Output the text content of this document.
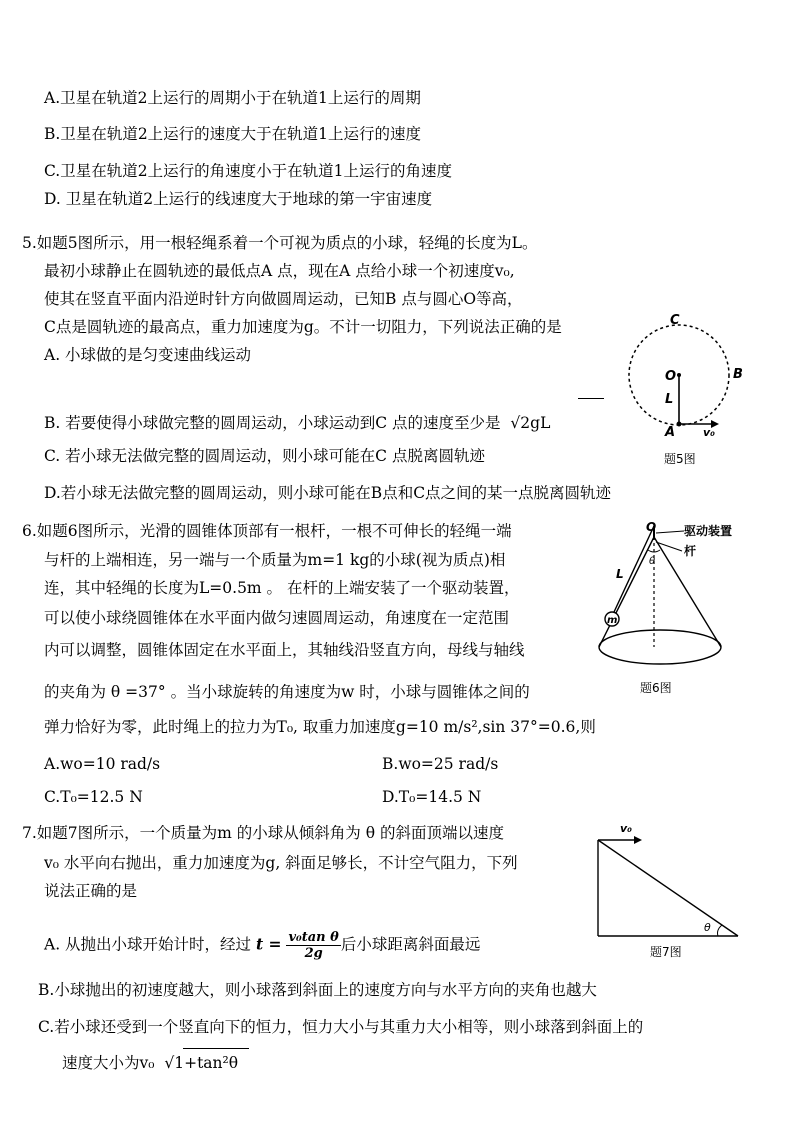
A.卫星在轨道2上运行的周期小于在轨道1上运行的周期
B.卫星在轨道2上运行的速度大于在轨道1上运行的速度
C.卫星在轨道2上运行的角速度小于在轨道1上运行的角速度
D. 卫星在轨道2上运行的线速度大于地球的第一宇宙速度
5.如题5图所示，用一根轻绳系着一个可视为质点的小球，轻绳的长度为L。
最初小球静止在圆轨迹的最低点A 点，现在A 点给小球一个初速度v₀,
使其在竖直平面内沿逆时针方向做圆周运动，已知B 点与圆心O等高，
C点是圆轨迹的最高点，重力加速度为g。不计一切阻力，下列说法正确的是
A. 小球做的是匀变速曲线运动
B. 若要使得小球做完整的圆周运动，小球运动到C 点的速度至少是 √2gL
C. 若小球无法做完整的圆周运动，则小球可能在C 点脱离圆轨迹
D.若小球无法做完整的圆周运动，则小球可能在B点和C点之间的某一点脱离圆轨迹
C
O	B
L
A	v₀
题5图
6.如题6图所示，光滑的圆锥体顶部有一根杆，一根不可伸长的轻绳一端
与杆的上端相连，另一端与一个质量为m=1 kg的小球(视为质点)相
连，其中轻绳的长度为L=0.5m 。 在杆的上端安装了一个驱动装置，
可以使小球绕圆锥体在水平面内做匀速圆周运动，角速度在一定范围
内可以调整，圆锥体固定在水平面上，其轴线沿竖直方向，母线与轴线
的夹角为 θ =37° 。当小球旋转的角速度为w 时，小球与圆锥体之间的
弹力恰好为零，此时绳上的拉力为T₀, 取重力加速度g=10 m/s²,sin 37°=0.6,则
A.wo=10 rad/s	B.wo=25 rad/s
C.T₀=12.5 N	D.T₀=14.5 N
O 驱动装置
杆
L
θ
m
题6图
7.如题7图所示，一个质量为m 的小球从倾斜角为 θ 的斜面顶端以速度
v₀ 水平向右抛出，重力加速度为g, 斜面足够长，不计空气阻力，下列
说法正确的是
A. 从抛出小球开始计时，经过 $t = \frac{\text{v₀tan θ}}{2g}$ 后小球距离斜面最远
B.小球抛出的初速度越大，则小球落到斜面上的速度方向与水平方向的夹角也越大
C.若小球还受到一个竖直向下的恒力，恒力大小与其重力大小相等，则小球落到斜面上的
速度大小为v₀ √1+tan²θ
v₀
θ
题7图
